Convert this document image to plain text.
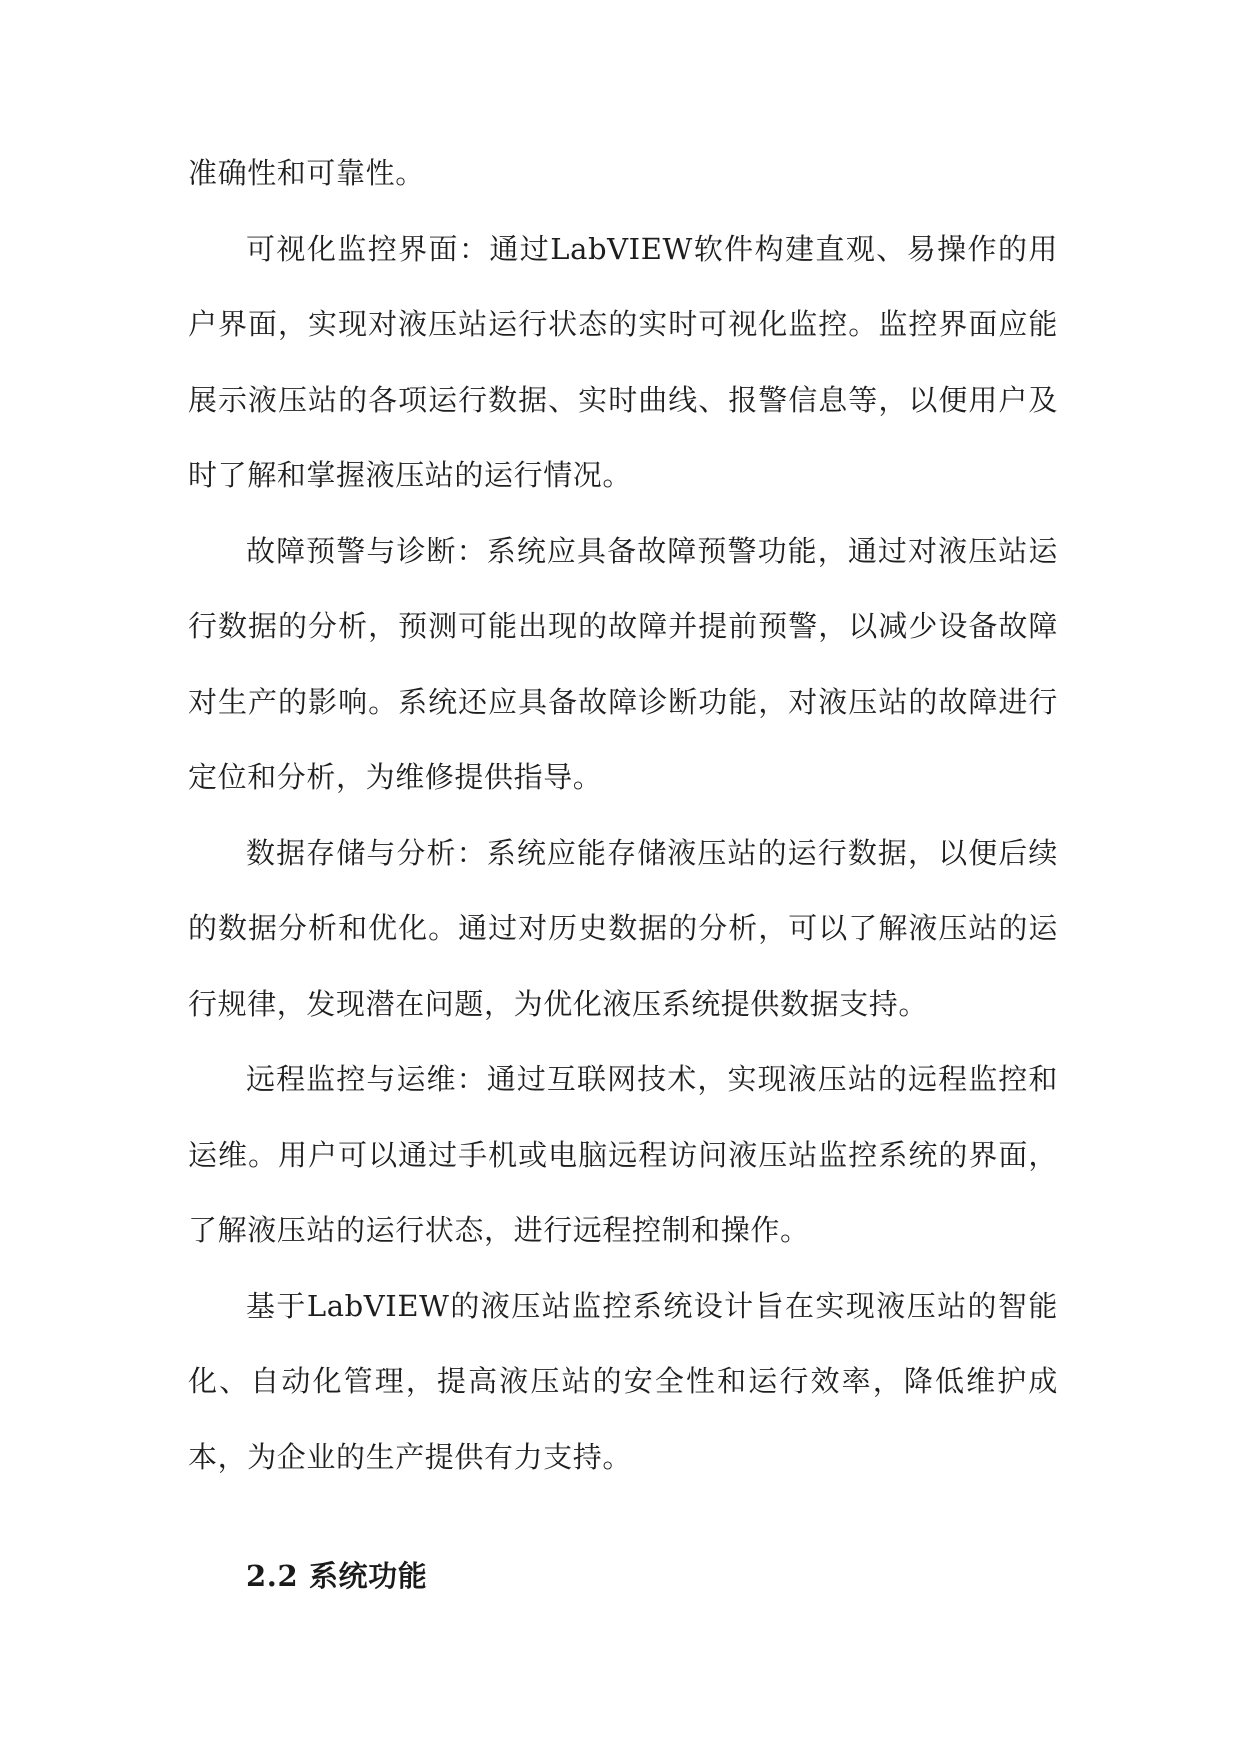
准确性和可靠性。

可视化监控界面：通过LabVIEW软件构建直观、易操作的用户界面，实现对液压站运行状态的实时可视化监控。监控界面应能展示液压站的各项运行数据、实时曲线、报警信息等，以便用户及时了解和掌握液压站的运行情况。

故障预警与诊断：系统应具备故障预警功能，通过对液压站运行数据的分析，预测可能出现的故障并提前预警，以减少设备故障对生产的影响。系统还应具备故障诊断功能，对液压站的故障进行定位和分析，为维修提供指导。

数据存储与分析：系统应能存储液压站的运行数据，以便后续的数据分析和优化。通过对历史数据的分析，可以了解液压站的运行规律，发现潜在问题，为优化液压系统提供数据支持。

远程监控与运维：通过互联网技术，实现液压站的远程监控和运维。用户可以通过手机或电脑远程访问液压站监控系统的界面，了解液压站的运行状态，进行远程控制和操作。

基于LabVIEW的液压站监控系统设计旨在实现液压站的智能化、自动化管理，提高液压站的安全性和运行效率，降低维护成本，为企业的生产提供有力支持。

2.2 系统功能
